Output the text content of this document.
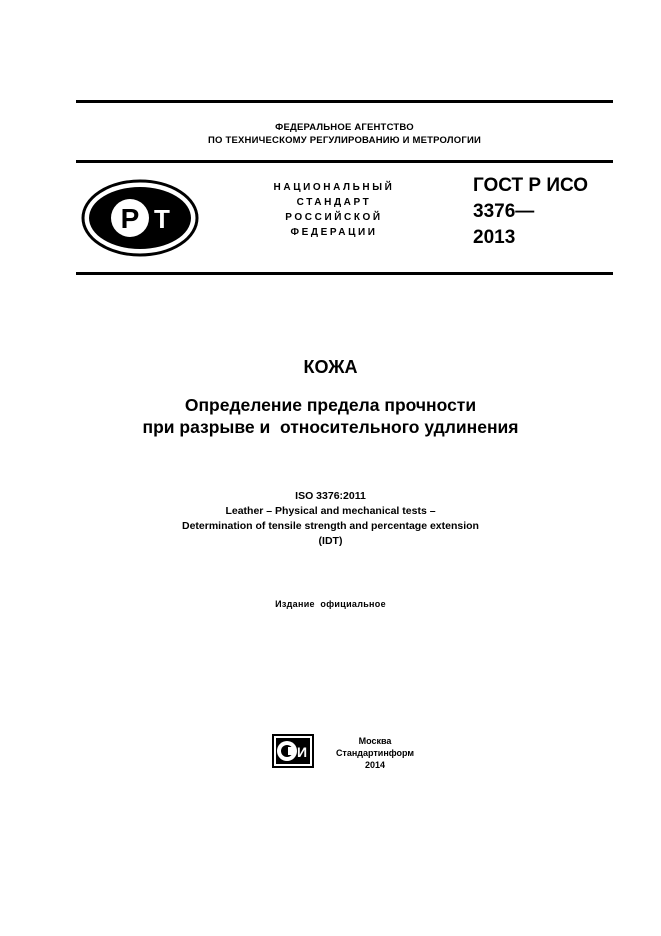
ФЕДЕРАЛЬНОЕ АГЕНТСТВО
ПО ТЕХНИЧЕСКОМУ РЕГУЛИРОВАНИЮ И МЕТРОЛОГИИ
Р Т
НАЦИОНАЛЬНЫЙ
СТАНДАРТ
РОССИЙСКОЙ
ФЕДЕРАЦИИ
ГОСТ Р ИСО
3376—
2013
КОЖА
Определение предела прочности
при разрыве и  относительного удлинения
ISO 3376:2011
Leather – Physical and mechanical tests –
Determination of tensile strength and percentage extension
(IDT)
Издание  официальное
И
Москва
Стандартинформ
2014
